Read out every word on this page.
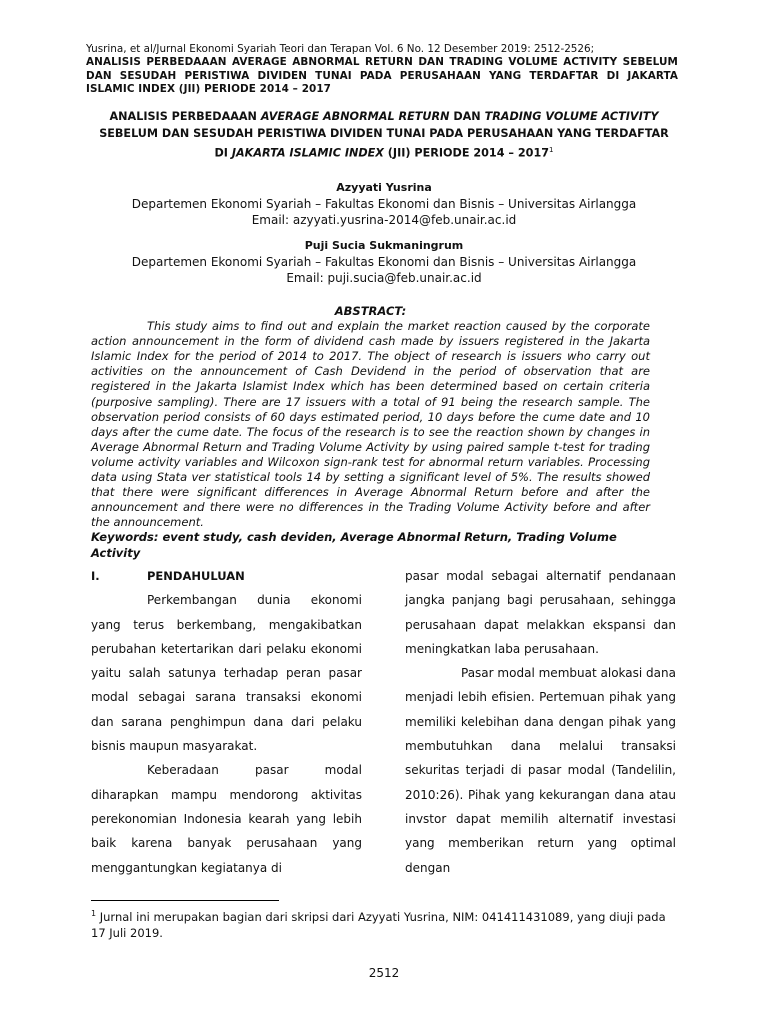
Yusrina, et al/Jurnal Ekonomi Syariah Teori dan Terapan Vol. 6 No. 12 Desember 2019: 2512-2526;
ANALISIS PERBEDAAAN AVERAGE ABNORMAL RETURN DAN TRADING VOLUME ACTIVITY SEBELUM DAN SESUDAH PERISTIWA DIVIDEN TUNAI PADA PERUSAHAAN YANG TERDAFTAR DI JAKARTA ISLAMIC INDEX (JII) PERIODE 2014 – 2017
ANALISIS PERBEDAAAN AVERAGE ABNORMAL RETURN DAN TRADING VOLUME ACTIVITY SEBELUM DAN SESUDAH PERISTIWA DIVIDEN TUNAI PADA PERUSAHAAN YANG TERDAFTAR DI JAKARTA ISLAMIC INDEX (JII) PERIODE 2014 – 2017$^1$
Azyyati Yusrina
Departemen Ekonomi Syariah – Fakultas Ekonomi dan Bisnis – Universitas Airlangga
Email: azyyati.yusrina-2014@feb.unair.ac.id
Puji Sucia Sukmaningrum
Departemen Ekonomi Syariah – Fakultas Ekonomi dan Bisnis – Universitas Airlangga
Email: puji.sucia@feb.unair.ac.id
ABSTRACT:
This study aims to find out and explain the market reaction caused by the corporate action announcement in the form of dividend cash made by issuers registered in the Jakarta Islamic Index for the period of 2014 to 2017. The object of research is issuers who carry out activities on the announcement of Cash Devidend in the period of observation that are registered in the Jakarta Islamist Index which has been determined based on certain criteria (purposive sampling). There are 17 issuers with a total of 91 being the research sample. The observation period consists of 60 days estimated period, 10 days before the cume date and 10 days after the cume date. The focus of the research is to see the reaction shown by changes in Average Abnormal Return and Trading Volume Activity by using paired sample t-test for trading volume activity variables and Wilcoxon sign-rank test for abnormal return variables. Processing data using Stata ver statistical tools 14 by setting a significant level of 5%. The results showed that there were significant differences in Average Abnormal Return before and after the announcement and there were no differences in the Trading Volume Activity before and after the announcement.
Keywords: event study, cash deviden, Average Abnormal Return, Trading Volume Activity
I.	PENDAHULUAN

Perkembangan dunia ekonomi yang terus berkembang, mengakibatkan perubahan ketertarikan dari pelaku ekonomi yaitu salah satunya terhadap peran pasar modal sebagai sarana transaksi ekonomi dan sarana penghimpun dana dari pelaku bisnis maupun masyarakat.

Keberadaan pasar modal diharapkan mampu mendorong aktivitas perekonomian Indonesia kearah yang lebih baik karena banyak perusahaan yang menggantungkan kegiatanya di

pasar modal sebagai alternatif pendanaan jangka panjang bagi perusahaan, sehingga perusahaan dapat melakkan ekspansi dan meningkatkan laba perusahaan.

Pasar modal membuat alokasi dana menjadi lebih efisien. Pertemuan pihak yang memiliki kelebihan dana dengan pihak yang membutuhkan dana melalui transaksi sekuritas terjadi di pasar modal (Tandelilin, 2010:26). Pihak yang kekurangan dana atau invstor dapat memilih alternatif investasi yang memberikan return yang optimal dengan

$^1$ Jurnal ini merupakan bagian dari skripsi dari Azyyati Yusrina, NIM: 041411431089, yang diuji pada 17 Juli 2019.
2512
